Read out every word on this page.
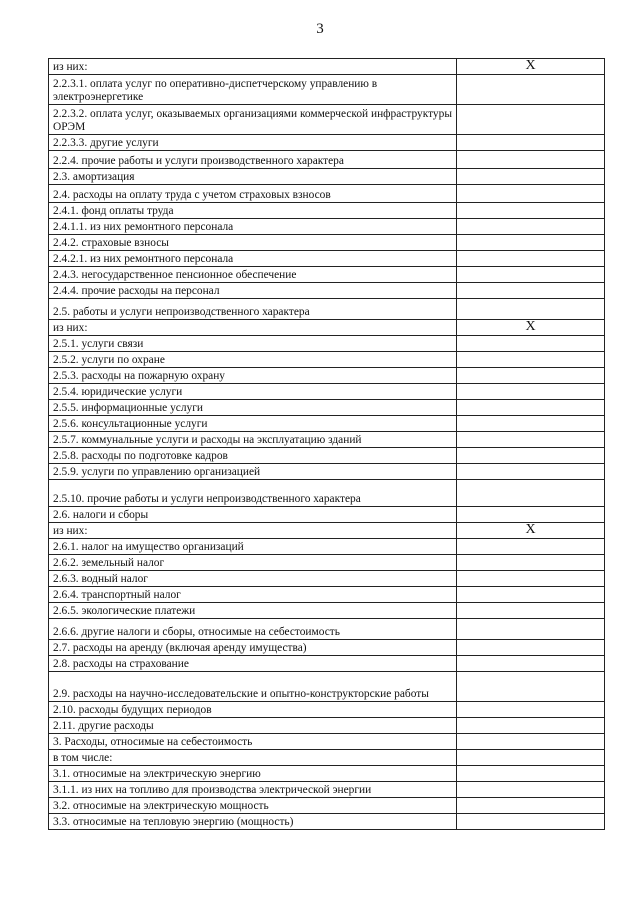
3
из них:	Х
2.2.3.1. оплата услуг по оперативно-диспетчерскому управлению в электроэнергетике	
2.2.3.2. оплата услуг, оказываемых организациями коммерческой инфраструктуры ОРЭМ	
2.2.3.3. другие услуги	
2.2.4. прочие работы и услуги производственного характера	
2.3. амортизация	
2.4. расходы на оплату труда с учетом страховых взносов	
2.4.1. фонд оплаты труда	
2.4.1.1. из них ремонтного персонала	
2.4.2. страховые взносы	
2.4.2.1. из них ремонтного персонала	
2.4.3. негосударственное пенсионное обеспечение	
2.4.4. прочие расходы на персонал	
2.5. работы и услуги непроизводственного характера	
из них:	Х
2.5.1. услуги связи	
2.5.2. услуги по охране	
2.5.3. расходы на пожарную охрану	
2.5.4. юридические услуги	
2.5.5. информационные услуги	
2.5.6. консультационные услуги	
2.5.7. коммунальные услуги и расходы на эксплуатацию зданий	
2.5.8. расходы по подготовке кадров	
2.5.9. услуги по управлению организацией	
2.5.10. прочие работы и услуги непроизводственного характера	
2.6. налоги и сборы	
из них:	Х
2.6.1. налог на имущество организаций	
2.6.2. земельный налог	
2.6.3. водный налог	
2.6.4. транспортный налог	
2.6.5. экологические платежи	
2.6.6. другие налоги и сборы, относимые на себестоимость	
2.7. расходы на аренду (включая аренду имущества)	
2.8. расходы на страхование	
2.9. расходы на научно-исследовательские и опытно-конструкторские работы	
2.10. расходы будущих периодов	
2.11. другие расходы	
3. Расходы, относимые на себестоимость	
в том числе:	
3.1. относимые на электрическую энергию	
3.1.1. из них на топливо для производства электрической энергии	
3.2. относимые на электрическую мощность	
3.3. относимые на тепловую энергию (мощность)	
